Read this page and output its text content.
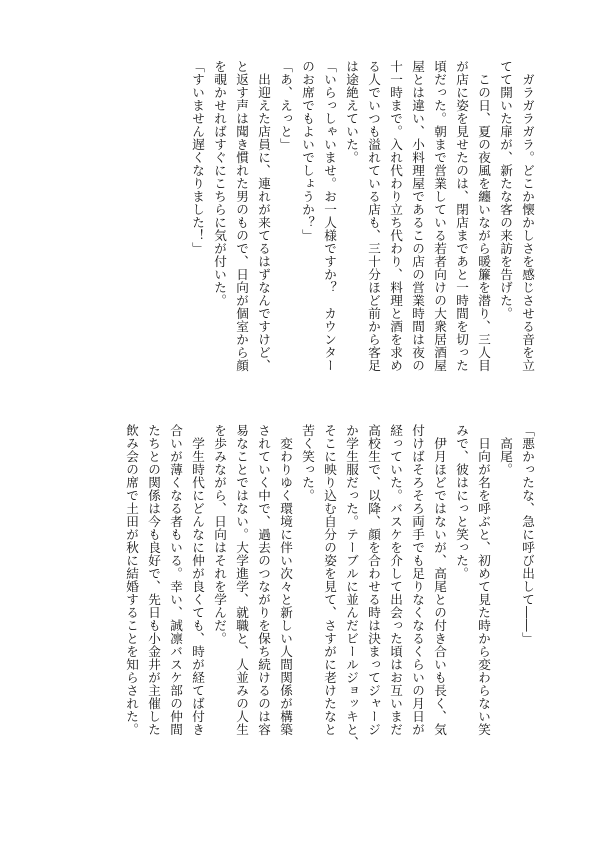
　ガラガラガラ。どこか懐かしさを感じさせる音を立
てて開いた扉が、新たな客の来訪を告げた。
　この日、夏の夜風を纏いながら暖簾を潜り、三人目
が店に姿を見せたのは、閉店まであと一時間を切った
頃だった。朝まで営業している若者向けの大衆居酒屋
屋とは違い、小料理屋であるこの店の営業時間は夜の
十一時まで。入れ代わり立ち代わり、料理と酒を求め
る人でいつも溢れている店も、三十分ほど前から客足
は途絶えていた。
「いらっしゃいませ。お一人様ですか？　カウンター
のお席でもよいでしょうか？」
「あ、えっと」
　出迎えた店員に、連れが来てるはずなんですけど、
と返す声は聞き慣れた男のもので、日向が個室から顔
を覗かせればすぐにこちらに気が付いた。
「すいません遅くなりました！」
「悪かったな、急に呼び出して――」
　高尾。
　日向が名を呼ぶと、初めて見た時から変わらない笑
みで、彼はにっと笑った。
　伊月ほどではないが、高尾との付き合いも長く、気
付けばそろそろ両手でも足りなくなるくらいの月日が
経っていた。バスケを介して出会った頃はお互いまだ
高校生で、以降、顔を合わせる時は決まってジャージ
か学生服だった。テーブルに並んだビールジョッキと、
そこに映り込む自分の姿を見て、さすがに老けたなと
苦く笑った。
　変わりゆく環境に伴い次々と新しい人間関係が構築
されていく中で、過去のつながりを保ち続けるのは容
易なことではない。大学進学、就職と、人並みの人生
を歩みながら、日向はそれを学んだ。
　学生時代にどんなに仲が良くても、時が経てば付き
合いが薄くなる者もいる。幸い、誠凛バスケ部の仲間
たちとの関係は今も良好で、先日も小金井が主催した
飲み会の席で土田が秋に結婚することを知らされた。
